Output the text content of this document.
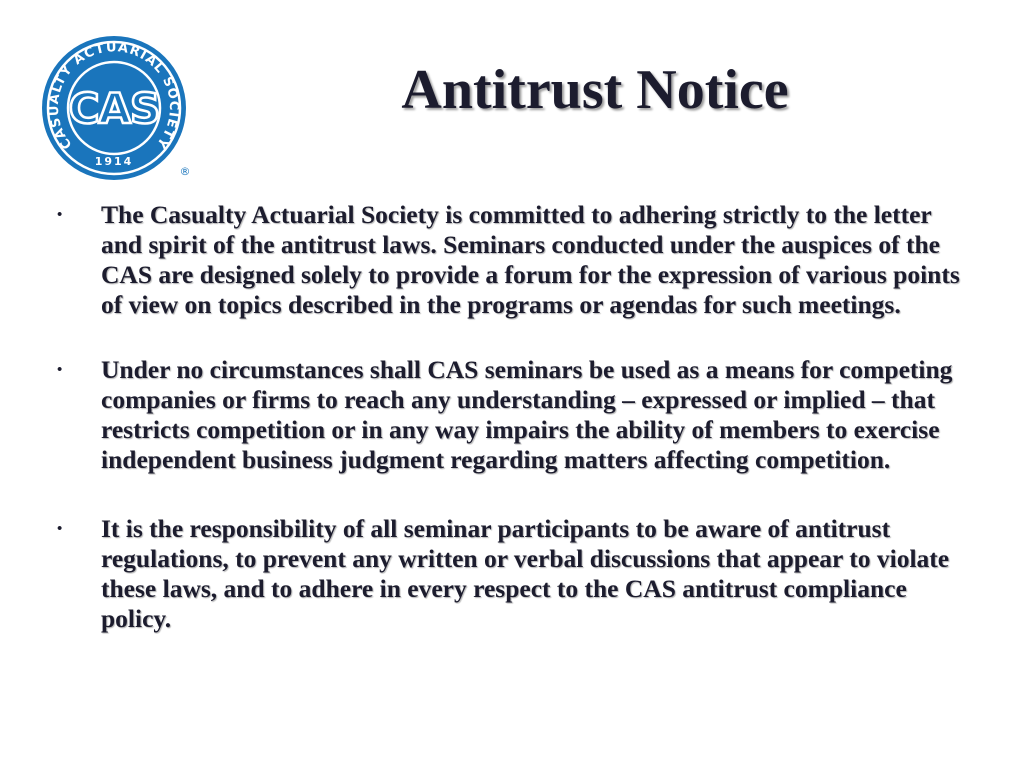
CASUALTY ACTUARIAL SOCIETY
CAS
1914
®
Antitrust Notice
• The Casualty Actuarial Society is committed to adhering strictly to the letter and spirit of the antitrust laws. Seminars conducted under the auspices of the CAS are designed solely to provide a forum for the expression of various points of view on topics described in the programs or agendas for such meetings.
• Under no circumstances shall CAS seminars be used as a means for competing companies or firms to reach any understanding – expressed or implied – that restricts competition or in any way impairs the ability of members to exercise independent business judgment regarding matters affecting competition.
• It is the responsibility of all seminar participants to be aware of antitrust regulations, to prevent any written or verbal discussions that appear to violate these laws, and to adhere in every respect to the CAS antitrust compliance policy.
